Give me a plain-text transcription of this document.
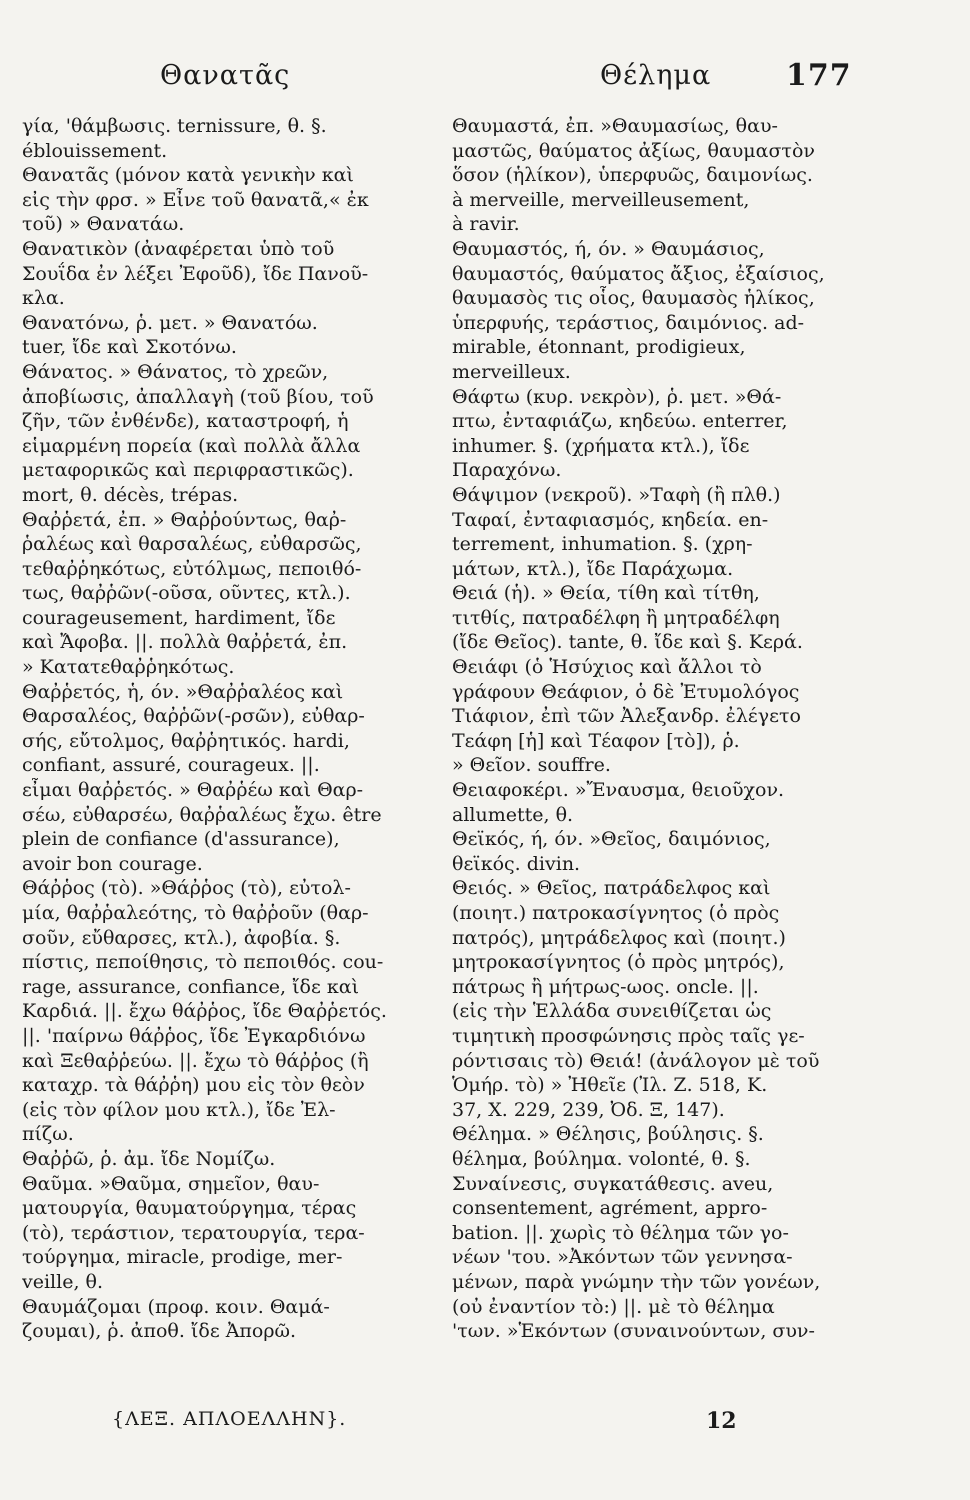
Θανατᾶς	Θέλημα 177
γία, 'θάμβωσις. ternissure, θ. §.
éblouissement.
Θανατᾶς (μόνον κατὰ γενικὴν καὶ
εἰς τὴν φρσ. » Εἶνε τοῦ θανατᾶ,« ἐκ
τοῦ) » Θανατάω.
Θανατικὸν (ἀναφέρεται ὑπὸ τοῦ
Σουΐδα ἐν λέξει Ἐφοῦδ), ἴδε Πανοῦ-
κλα.
Θανατόνω, ῥ. μετ. » Θανατόω.
tuer, ἴδε καὶ Σκοτόνω.
Θάνατος. » Θάνατος, τὸ χρεῶν,
ἀποβίωσις, ἀπαλλαγὴ (τοῦ βίου, τοῦ
ζῆν, τῶν ἐνθένδε), καταστροφή, ἡ
εἱμαρμένη πορεία (καὶ πολλὰ ἄλλα
μεταφορικῶς καὶ περιφραστικῶς).
mort, θ. décès, trépas.
Θαῤῥετά, ἐπ. » Θαῤῥούντως, θαῤ-
ῥαλέως καὶ θαρσαλέως, εὐθαρσῶς,
τεθαῤῥηκότως, εὐτόλμως, πεποιθό-
τως, θαῤῥῶν(-οῦσα, οῦντες, κτλ.).
courageusement, hardiment, ἴδε
καὶ Ἄφοβα. ||. πολλὰ θαῤῥετά, ἐπ.
» Κατατεθαῤῥηκότως.
Θαῤῥετός, ἡ, όν. »Θαῤῥαλέος καὶ
Θαρσαλέος, θαῤῥῶν(-ρσῶν), εὐθαρ-
σής, εὔτολμος, θαῤῥητικός. hardi,
confiant, assuré, courageux. ||.
εἶμαι θαῤῥετός. » Θαῤῥέω καὶ Θαρ-
σέω, εὐθαρσέω, θαῤῥαλέως ἔχω. être
plein de confiance (d'assurance),
avoir bon courage.
Θάῤῥος (τὸ). »Θάῤῥος (τὸ), εὐτολ-
μία, θαῤῥαλεότης, τὸ θαῤῥοῦν (θαρ-
σοῦν, εὔθαρσες, κτλ.), ἀφοβία. §.
πίστις, πεποίθησις, τὸ πεποιθός. cou-
rage, assurance, confiance, ἴδε καὶ
Καρδιά. ||. ἔχω θάῤῥος, ἴδε Θαῤῥετός.
||. 'παίρνω θάῤῥος, ἴδε Ἐγκαρδιόνω
καὶ Ξεθαῤῥεύω. ||. ἔχω τὸ θάῤῥος (ἢ
καταχρ. τὰ θάῤῥη) μου εἰς τὸν θεὸν
(εἰς τὸν φίλον μου κτλ.), ἴδε Ἐλ-
πίζω.
Θαῤῥῶ, ῥ. ἀμ. ἴδε Νομίζω.
Θαῦμα. »Θαῦμα, σημεῖον, θαυ-
ματουργία, θαυματούργημα, τέρας
(τὸ), τεράστιον, τερατουργία, τερα-
τούργημα, miracle, prodige, mer-
veille, θ.
Θαυμάζομαι (προφ. κοιν. Θαμά-
ζουμαι), ῥ. ἀποθ. ἴδε Ἀπορῶ.
Θαυμαστά, ἐπ. »Θαυμασίως, θαυ-
μαστῶς, θαύματος ἀξίως, θαυμαστὸν
ὅσον (ἡλίκον), ὑπερφυῶς, δαιμονίως.
à merveille, merveilleusement,
à ravir.
Θαυμαστός, ή, όν. » Θαυμάσιος,
θαυμαστός, θαύματος ἄξιος, ἐξαίσιος,
θαυμασὸς τις οἷος, θαυμασὸς ἡλίκος,
ὑπερφυής, τεράστιος, δαιμόνιος. ad-
mirable, étonnant, prodigieux,
merveilleux.
Θάφτω (κυρ. νεκρὸν), ῥ. μετ. »Θά-
πτω, ἐνταφιάζω, κηδεύω. enterrer,
inhumer. §. (χρήματα κτλ.), ἴδε
Παραχόνω.
Θάψιμον (νεκροῦ). »Ταφὴ (ἢ πλθ.)
Ταφαί, ἐνταφιασμός, κηδεία. en-
terrement, inhumation. §. (χρη-
μάτων, κτλ.), ἴδε Παράχωμα.
Θειά (ἡ). » Θεία, τίθη καὶ τίτθη,
τιτθίς, πατραδέλφη ἢ μητραδέλφη
(ἴδε Θεῖος). tante, θ. ἴδε καὶ §. Κερά.
Θειάφι (ὁ Ἡσύχιος καὶ ἄλλοι τὸ
γράφουν Θεάφιον, ὁ δὲ Ἐτυμολόγος
Τιάφιον, ἐπὶ τῶν Ἀλεξανδρ. ἐλέγετο
Τεάφη [ἡ] καὶ Τέαφον [τὸ]), ῥ.
» Θεῖον. souffre.
Θειαφοκέρι. »Ἔναυσμα, θειοῦχον.
allumette, θ.
Θεϊκός, ή, όν. »Θεῖος, δαιμόνιος,
θεϊκός. divin.
Θειός. » Θεῖος, πατράδελφος καὶ
(ποιητ.) πατροκασίγνητος (ὁ πρὸς
πατρός), μητράδελφος καὶ (ποιητ.)
μητροκασίγνητος (ὁ πρὸς μητρός),
πάτρως ἢ μήτρως-ωος. oncle. ||.
(εἰς τὴν Ἑλλάδα συνειθίζεται ὡς
τιμητικὴ προσφώνησις πρὸς ταῖς γε-
ρόντισαις τὸ) Θειά! (ἀνάλογον μὲ τοῦ
Ὁμήρ. τὸ) » Ἠθεῖε (Ἰλ. Ζ. 518, Κ.
37, Χ. 229, 239, Ὀδ. Ξ, 147).
Θέλημα. » Θέλησις, βούλησις. §.
θέλημα, βούλημα. volonté, θ. §.
Συναίνεσις, συγκατάθεσις. aveu,
consentement, agrément, appro-
bation. ||. χωρὶς τὸ θέλημα τῶν γο-
νέων 'του. »Ἀκόντων τῶν γεννησα-
μένων, παρὰ γνώμην τὴν τῶν γονέων,
(οὐ ἐναντίον τὸ:) ||. μὲ τὸ θέλημα
'των. »Ἑκόντων (συναινούντων, συν-
{ΛΕΞ. ΑΠΛΟΕΛΛΗΝ}.	12
